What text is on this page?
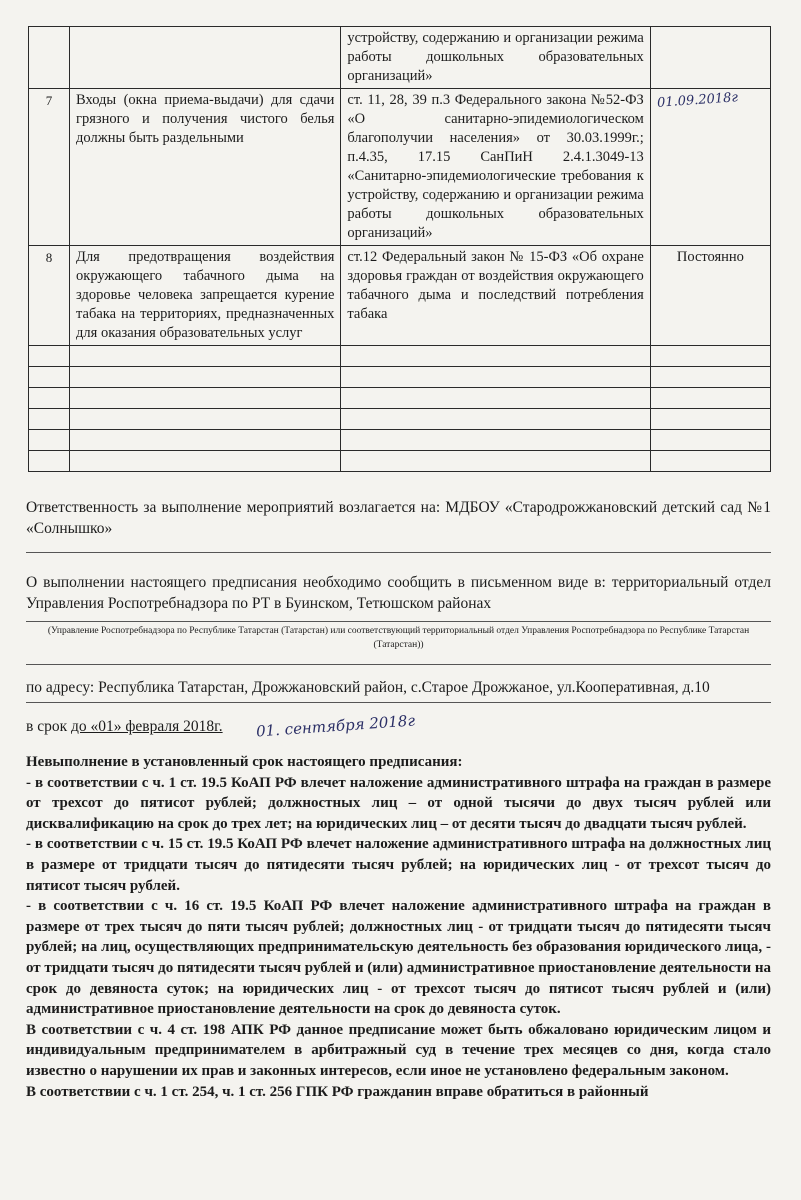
		устройству, содержанию и организации режима работы дошкольных образовательных организаций»	
7	Входы (окна приема-выдачи) для сдачи грязного и получения чистого белья должны быть раздельными	ст. 11, 28, 39 п.3 Федерального закона №52-ФЗ «О санитарно-эпидемиологическом благополучии населения» от 30.03.1999г.; п.4.35, 17.15 СанПиН 2.4.1.3049-13 «Санитарно-эпидемиологические требования к устройству, содержанию и организации режима работы дошкольных образовательных организаций»	01.09.2018г
8	Для предотвращения воздействия окружающего табачного дыма на здоровье человека запрещается курение табака на территориях, предназначенных для оказания образовательных услуг	ст.12 Федеральный закон № 15-ФЗ «Об охране здоровья граждан от воздействия окружающего табачного дыма и последствий потребления табака	Постоянно

Ответственность за выполнение мероприятий возлагается на: МДБОУ «Стародрожжановский детский сад №1 «Солнышко»
О выполнении настоящего предписания необходимо сообщить в письменном виде в: территориальный отдел Управления Роспотребнадзора по РТ в Буинском, Тетюшском районах
(Управление Роспотребнадзора по Республике Татарстан (Татарстан) или соответствующий территориальный отдел Управления Роспотребнадзора по Республике Татарстан (Татарстан))
по адресу: Республика Татарстан, Дрожжановский район, с.Старое Дрожжаное, ул.Кооперативная, д.10
в срок до «01» февраля 2018г. 01. сентября 2018г

Невыполнение в установленный срок настоящего предписания:

- в соответствии с ч. 1 ст. 19.5 КоАП РФ влечет наложение административного штрафа на граждан в размере от трехсот до пятисот рублей; должностных лиц – от одной тысячи до двух тысяч рублей или дисквалификацию на срок до трех лет; на юридических лиц – от десяти тысяч до двадцати тысяч рублей.

- в соответствии с ч. 15 ст. 19.5 КоАП РФ влечет наложение административного штрафа на должностных лиц в размере от тридцати тысяч до пятидесяти тысяч рублей; на юридических лиц - от трехсот тысяч до пятисот тысяч рублей.

- в соответствии с ч. 16 ст. 19.5 КоАП РФ влечет наложение административного штрафа на граждан в размере от трех тысяч до пяти тысяч рублей; должностных лиц - от тридцати тысяч до пятидесяти тысяч рублей; на лиц, осуществляющих предпринимательскую деятельность без образования юридического лица, - от тридцати тысяч до пятидесяти тысяч рублей и (или) административное приостановление деятельности на срок до девяноста суток; на юридических лиц - от трехсот тысяч до пятисот тысяч рублей и (или) административное приостановление деятельности на срок до девяноста суток.

В соответствии с ч. 4 ст. 198 АПК РФ данное предписание может быть обжаловано юридическим лицом и индивидуальным предпринимателем в арбитражный суд в течение трех месяцев со дня, когда стало известно о нарушении их прав и законных интересов, если иное не установлено федеральным законом.

В соответствии с ч. 1 ст. 254, ч. 1 ст. 256 ГПК РФ гражданин вправе обратиться в районный
